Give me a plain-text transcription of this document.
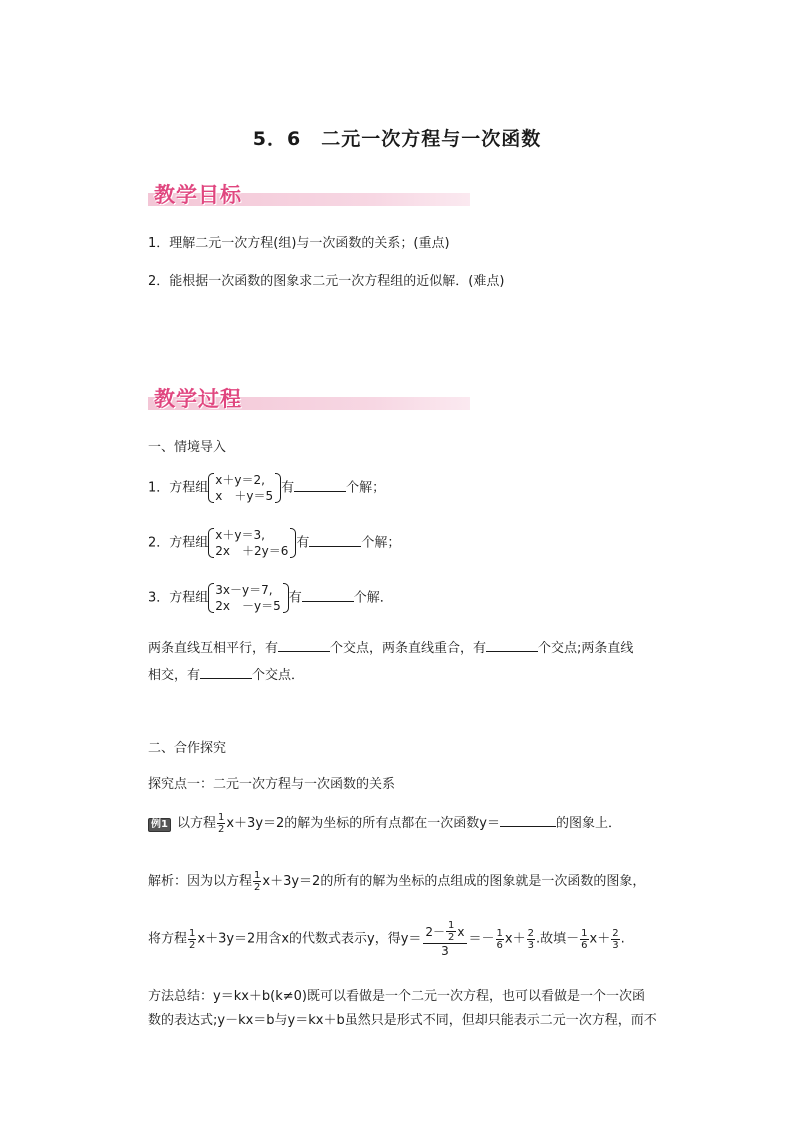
5．6　二元一次方程与一次函数
教学目标
1．理解二元一次方程(组)与一次函数的关系；(重点)
2．能根据一次函数的图象求二元一次方程组的近似解．(难点)
教学过程
一、情境导入
1．方程组
x＋y＝2,
x　＋y＝5
有	个解；
2．方程组
x＋y＝3,
2x　＋2y＝6
有	个解；
3．方程组
3x－y＝7,
2x　－y＝5
有	个解．
两条直线互相平行，有	个交点，两条直线重合，有	个交点;两条直线
相交，有	个交点．
二、合作探究
探究点一：二元一次方程与一次函数的关系
例1 以方程 $\frac{1}{2} x+3y=2$的解为坐标的所有点都在一次函数y＝	的图象上．
解析：因为以方程 $\frac{1}{2} x+3y=2$的所有的解为坐标的点组成的图象就是一次函数的图象，
将方程 $\frac{1}{2} x+3y=2$用含x的代数式表示y，得$y= \frac{2- \frac{1}{2} x}{3} =- \frac{1}{6} x+ \frac{2}{3}$ .故填－ $\frac{1}{6} x+ \frac{2}{3}$ .
方法总结：y＝kx＋b(k≠0)既可以看做是一个二元一次方程，也可以看做是一个一次函
数的表达式;y－kx＝b与y＝kx＋b虽然只是形式不同，但却只能表示二元一次方程，而不
